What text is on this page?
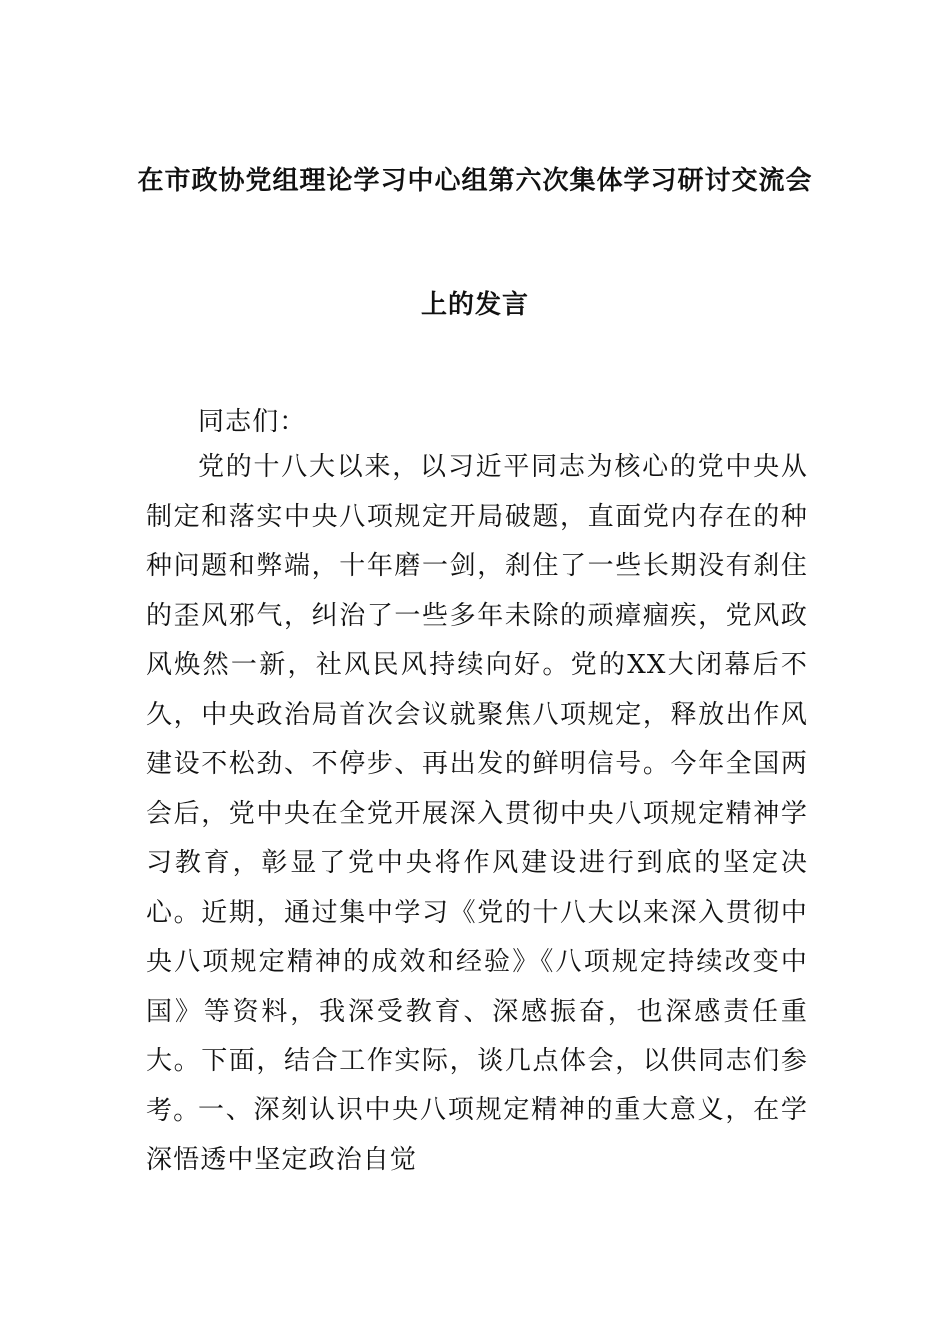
在市政协党组理论学习中心组第六次集体学习研讨交流会
上的发言
同志们：
党的十八大以来，以习近平同志为核心的党中央从制定和落实中央八项规定开局破题，直面党内存在的种种问题和弊端，十年磨一剑，刹住了一些长期没有刹住的歪风邪气，纠治了一些多年未除的顽瘴痼疾，党风政风焕然一新，社风民风持续向好。党的XX大闭幕后不久，中央政治局首次会议就聚焦八项规定，释放出作风建设不松劲、不停步、再出发的鲜明信号。今年全国两会后，党中央在全党开展深入贯彻中央八项规定精神学习教育，彰显了党中央将作风建设进行到底的坚定决心。近期，通过集中学习《党的十八大以来深入贯彻中央八项规定精神的成效和经验》《八项规定持续改变中国》等资料，我深受教育、深感振奋，也深感责任重大。下面，结合工作实际，谈几点体会，以供同志们参考。
一、深刻认识中央八项规定精神的重大意义，在学深悟透中坚定政治自觉
